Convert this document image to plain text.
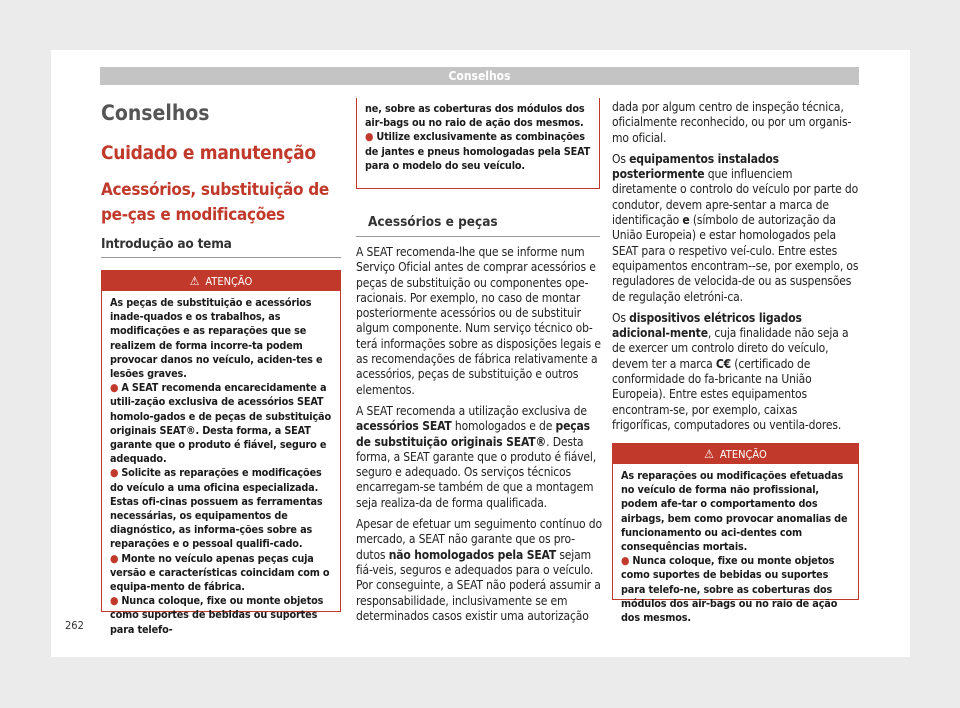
Conselhos
Conselhos
Cuidado e manutenção
Acessórios, substituição de pe-ças e modificações
Introdução ao tema
⚠ ATENÇÃO

As peças de substituição e acessórios inade-quados e os trabalhos, as modificações e as reparações que se realizem de forma incorre-ta podem provocar danos no veículo, aciden-tes e lesões graves.

● A SEAT recomenda encarecidamente a utili-zação exclusiva de acessórios SEAT homolo-gados e de peças de substituição originais SEAT®. Desta forma, a SEAT garante que o produto é fiável, seguro e adequado.

● Solicite as reparações e modificações do veículo a uma oficina especializada. Estas ofi-cinas possuem as ferramentas necessárias, os equipamentos de diagnóstico, as informa-ções sobre as reparações e o pessoal qualifi-cado.

● Monte no veículo apenas peças cuja versão e características coincidam com o equipa-mento de fábrica.

● Nunca coloque, fixe ou monte objetos como suportes de bebidas ou suportes para telefo-

ne, sobre as coberturas dos módulos dos air-bags ou no raio de ação dos mesmos.

● Utilize exclusivamente as combinações de jantes e pneus homologadas pela SEAT para o modelo do seu veículo.

Acessórios e peças

A SEAT recomenda-lhe que se informe num Serviço Oficial antes de comprar acessórios e peças de substituição ou componentes ope-racionais. Por exemplo, no caso de montar posteriormente acessórios ou de substituir algum componente. Num serviço técnico ob-terá informações sobre as disposições legais e as recomendações de fábrica relativamente a acessórios, peças de substituição e outros elementos.

A SEAT recomenda a utilização exclusiva de acessórios SEAT homologados e de peças de substituição originais SEAT®. Desta forma, a SEAT garante que o produto é fiável, seguro e adequado. Os serviços técnicos encarregam-se também de que a montagem seja realiza-da de forma qualificada.

Apesar de efetuar um seguimento contínuo do mercado, a SEAT não garante que os pro-dutos não homologados pela SEAT sejam fiá-veis, seguros e adequados para o veículo. Por conseguinte, a SEAT não poderá assumir a responsabilidade, inclusivamente se em determinados casos existir uma autorização

dada por algum centro de inspeção técnica, oficialmente reconhecido, ou por um organis-mo oficial.

Os equipamentos instalados posteriormente que influenciem diretamente o controlo do veículo por parte do condutor, devem apre-sentar a marca de identificação e (símbolo de autorização da União Europeia) e estar homologados pela SEAT para o respetivo veí-culo. Entre estes equipamentos encontram--se, por exemplo, os reguladores de velocida-de ou as suspensões de regulação eletróni-ca.

Os dispositivos elétricos ligados adicional-mente, cuja finalidade não seja a de exercer um controlo direto do veículo, devem ter a marca C€ (certificado de conformidade do fa-bricante na União Europeia). Entre estes equipamentos encontram-se, por exemplo, caixas frigoríficas, computadores ou ventila-dores.

⚠ ATENÇÃO

As reparações ou modificações efetuadas no veículo de forma não profissional, podem afe-tar o comportamento dos airbags, bem como provocar anomalias de funcionamento ou aci-dentes com consequências mortais.

● Nunca coloque, fixe ou monte objetos como suportes de bebidas ou suportes para telefo-ne, sobre as coberturas dos módulos dos air-bags ou no raio de ação dos mesmos.

262
